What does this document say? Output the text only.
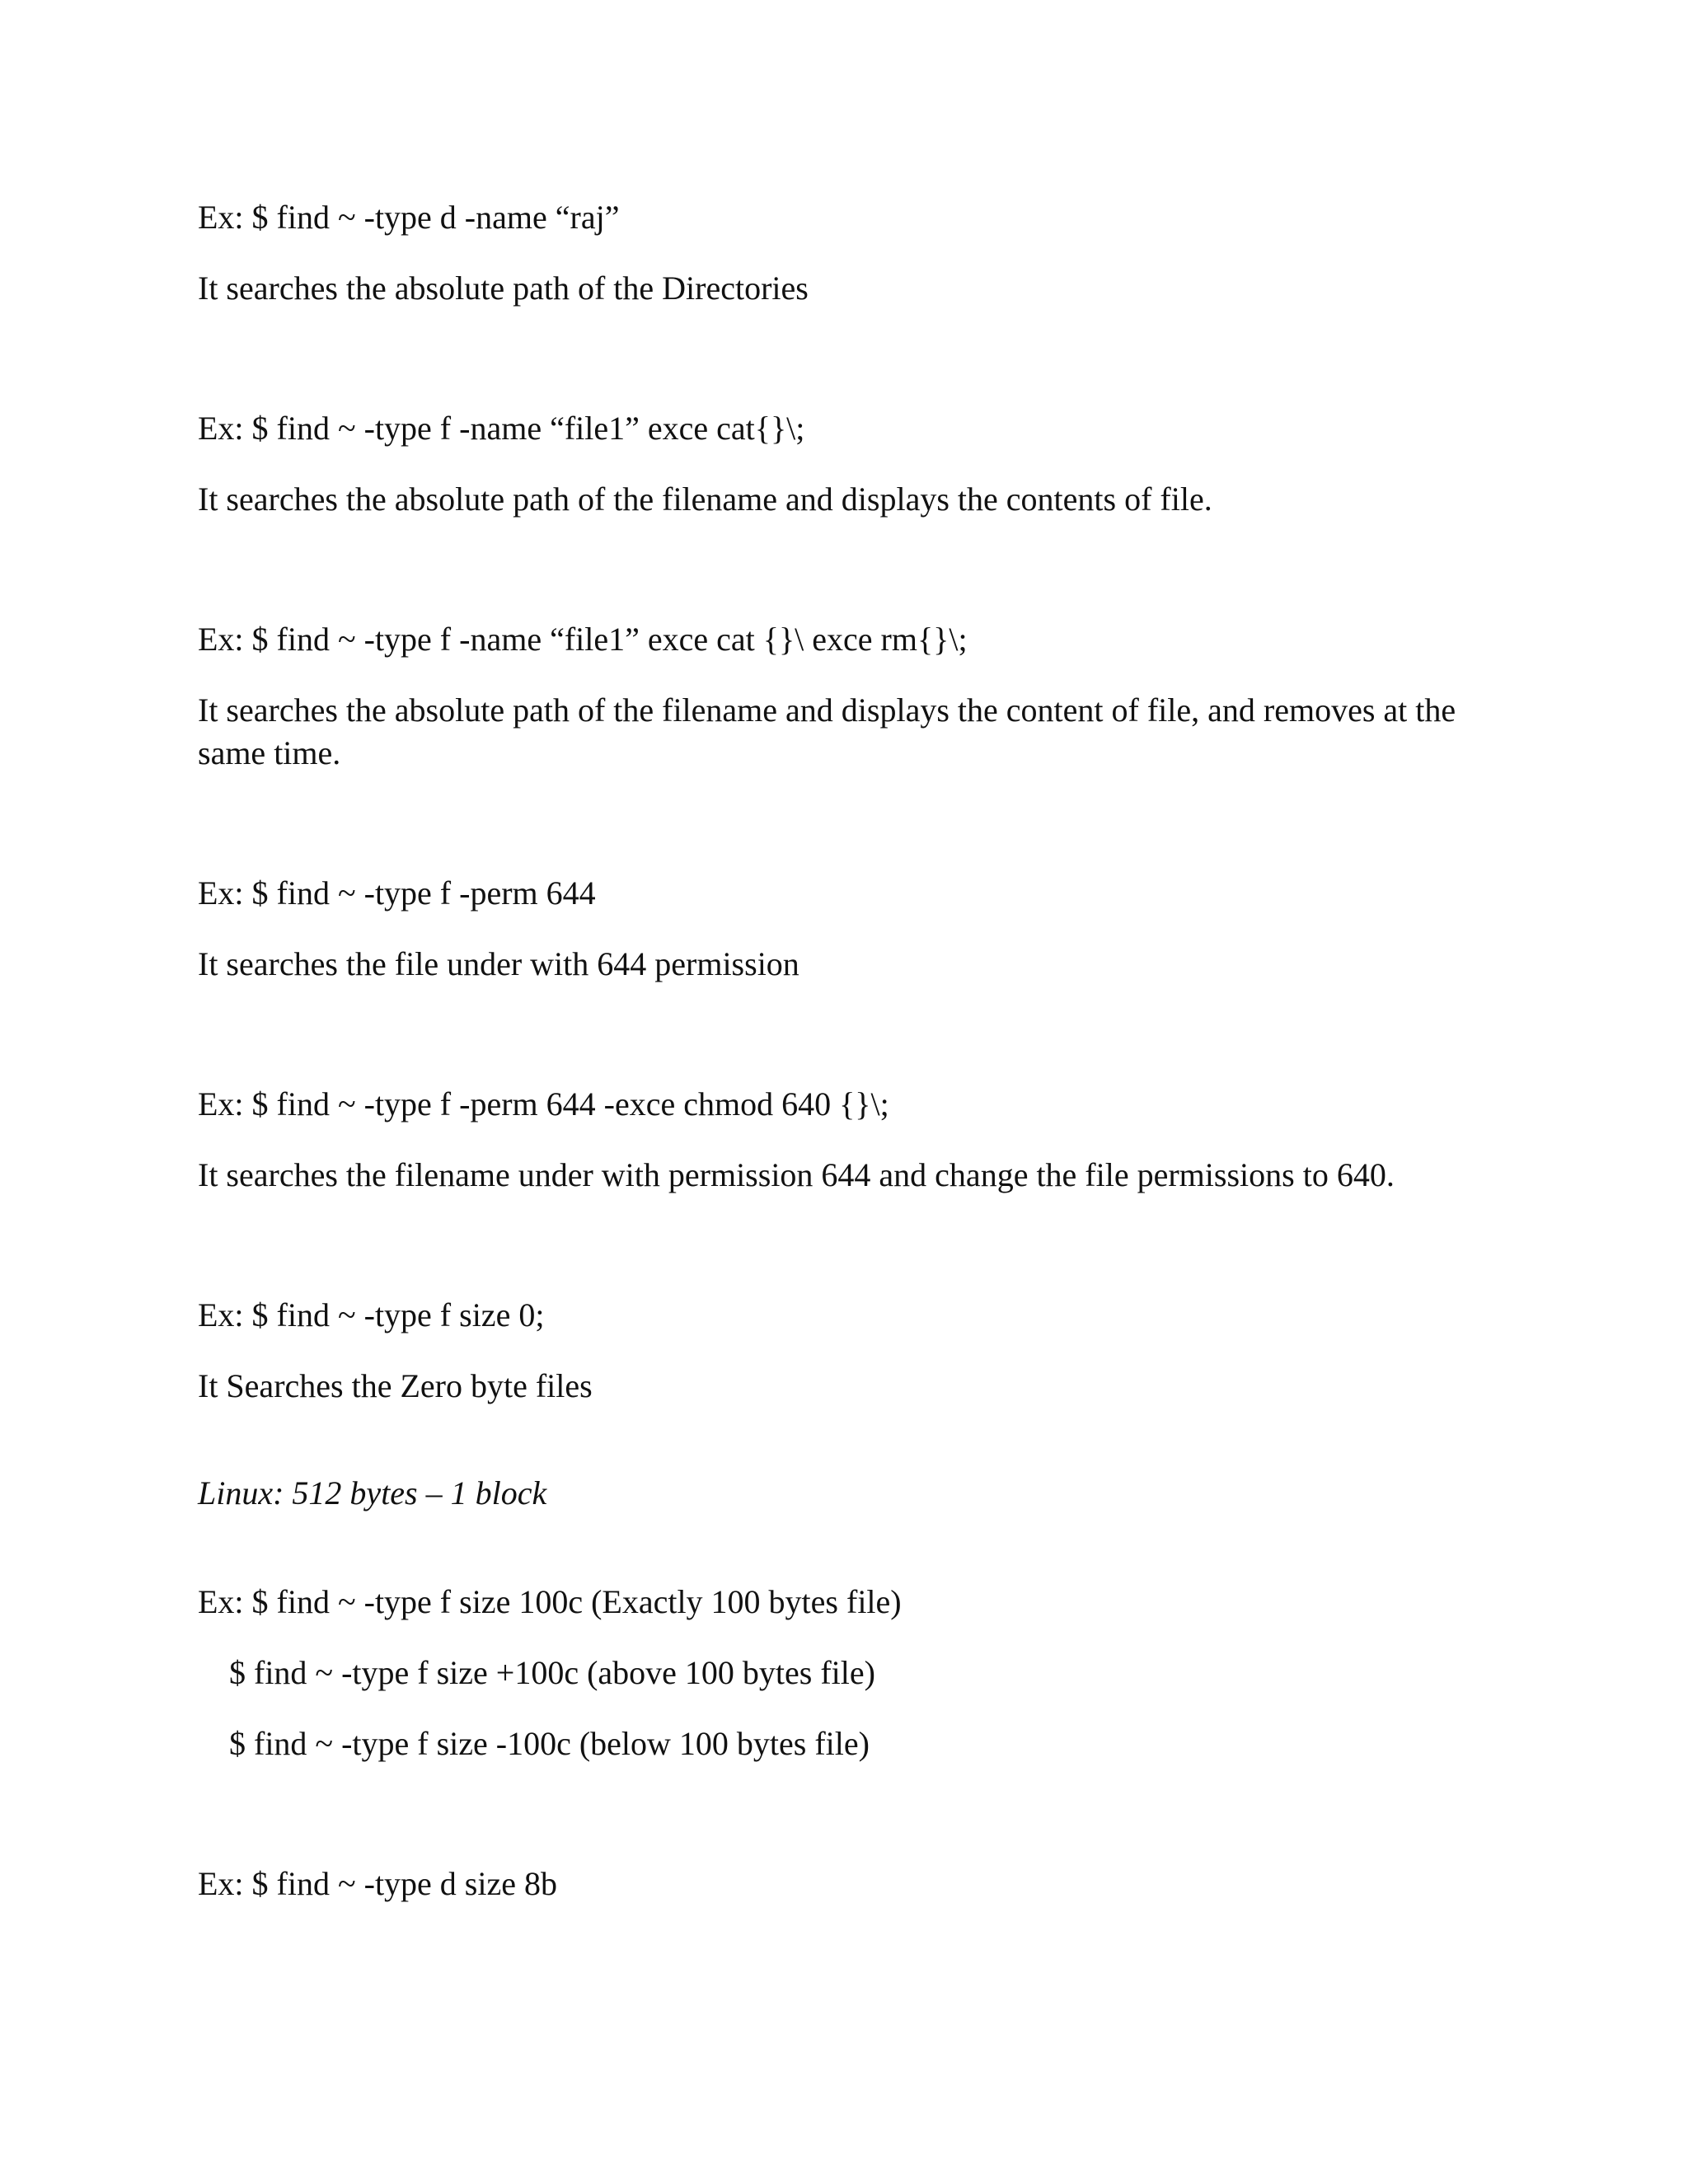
Ex: $ find ~ -type d -name “raj”
It searches the absolute path of the Directories
Ex: $ find ~ -type f -name “file1” exce cat{}\;
It searches the absolute path of the filename and displays the contents of file.
Ex: $ find ~ -type f -name “file1” exce cat {}\ exce rm{}\;
It searches the absolute path of the filename and displays the content of file, and removes at the same time.
Ex: $ find ~ -type f -perm 644
It searches the file under with 644 permission
Ex: $ find ~ -type f -perm 644 -exce chmod 640 {}\;
It searches the filename under with permission 644 and change the file permissions to 640.
Ex: $ find ~ -type f size 0;
It Searches the Zero byte files
Linux: 512 bytes – 1 block
Ex: $ find ~ -type f size 100c (Exactly 100 bytes file)
$ find ~ -type f size +100c (above 100 bytes file)
$ find ~ -type f size -100c (below 100 bytes file)
Ex: $ find ~ -type d size 8b
